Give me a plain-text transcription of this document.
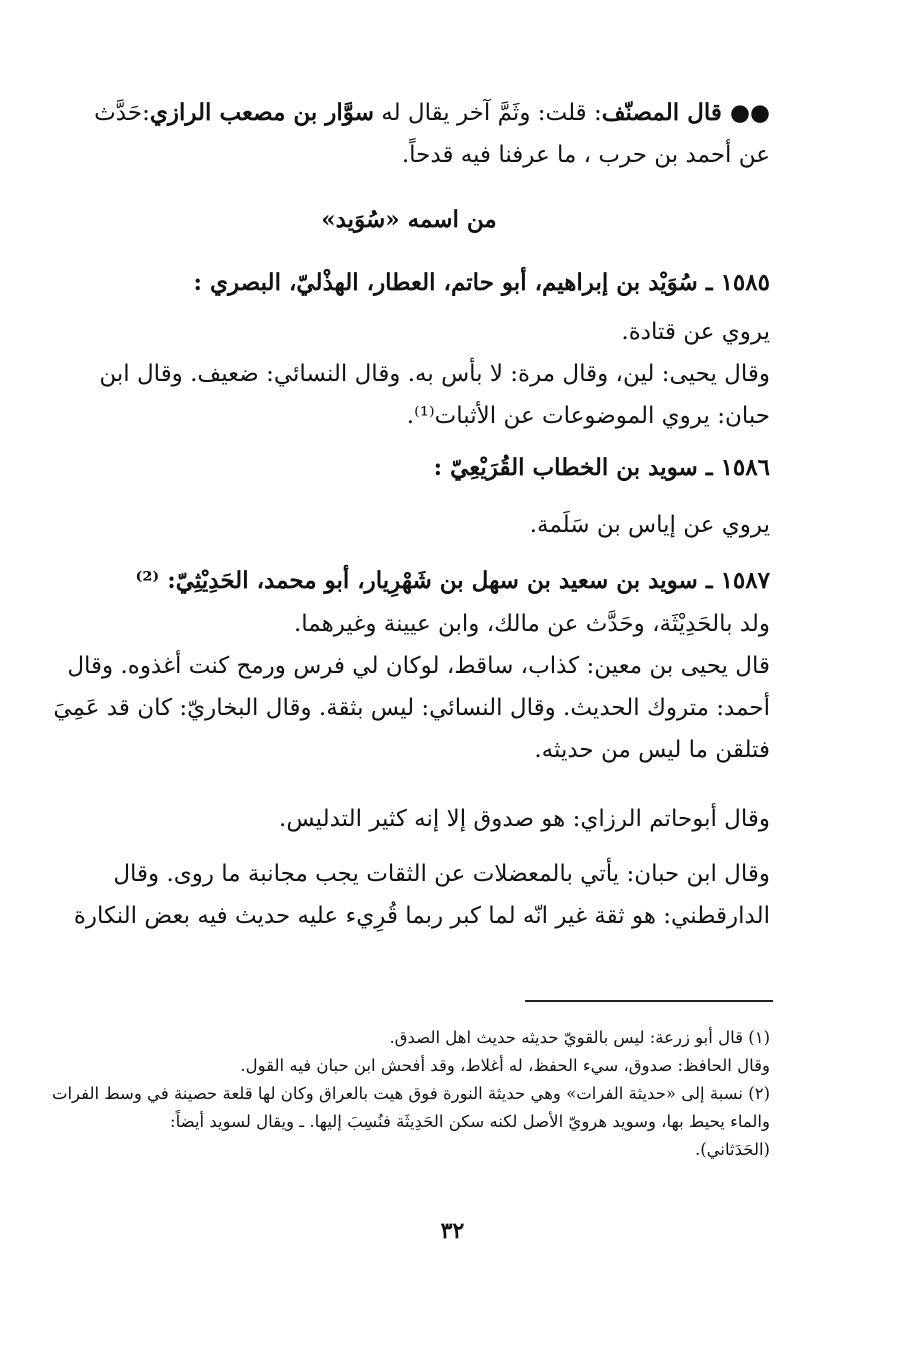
●● قال المصنّف: قلت: وثَمَّ آخر يقال له سوَّار بن مصعب الرازي:حَدَّث
عن أحمد بن حرب ، ما عرفنا فيه قدحاً.
من اسمه «سُوَيد»
١٥٨٥ ـ سُوَيْد بن إبراهيم، أبو حاتم، العطار، الهذْليّ، البصري :
يروي عن قتادة.
وقال يحيى: لين، وقال مرة: لا بأس به. وقال النسائي: ضعيف. وقال ابن
حبان: يروي الموضوعات عن الأثبات⁽¹⁾.
١٥٨٦ ـ سويد بن الخطاب القُرَيْعِيّ :
يروي عن إياس بن سَلَمة.
١٥٨٧ ـ سويد بن سعيد بن سهل بن شَهْرِيار، أبو محمد، الحَدِيْثِيّ: ⁽²⁾
ولد بالحَدِيْثَة، وحَدَّث عن مالك، وابن عيينة وغيرهما.
قال يحيى بن معين: كذاب، ساقط، لوكان لي فرس ورمح كنت أغذوه. وقال
أحمد: متروك الحديث. وقال النسائي: ليس بثقة. وقال البخاريّ: كان قد عَمِيَ
فتلقن ما ليس من حديثه.
وقال أبوحاتم الرزاي: هو صدوق إلا إنه كثير التدليس.
وقال ابن حبان: يأتي بالمعضلات عن الثقات يجب مجانبة ما روى. وقال
الدارقطني: هو ثقة غير انّه لما كبر ربما قُرِيء عليه حديث فيه بعض النكارة
(١) قال أبو زرعة: ليس بالقويّ حديثه حديث اهل الصدق.
وقال الحافظ: صدوق، سيء الحفظ، له أغلاط، وقد أفحش ابن حبان فيه القول.
(٢) نسبة إلى «حديثة الفرات» وهي حديثة النورة فوق هيت بالعراق وكان لها قلعة حصينة في وسط الفرات
والماء يحيط بها، وسويد هرويّ الأصل لكنه سكن الحَدِيثَة فنُسِبَ إليها. ـ ويقال لسويد أيضاً:
(الحَدَثاني).
٣٢
